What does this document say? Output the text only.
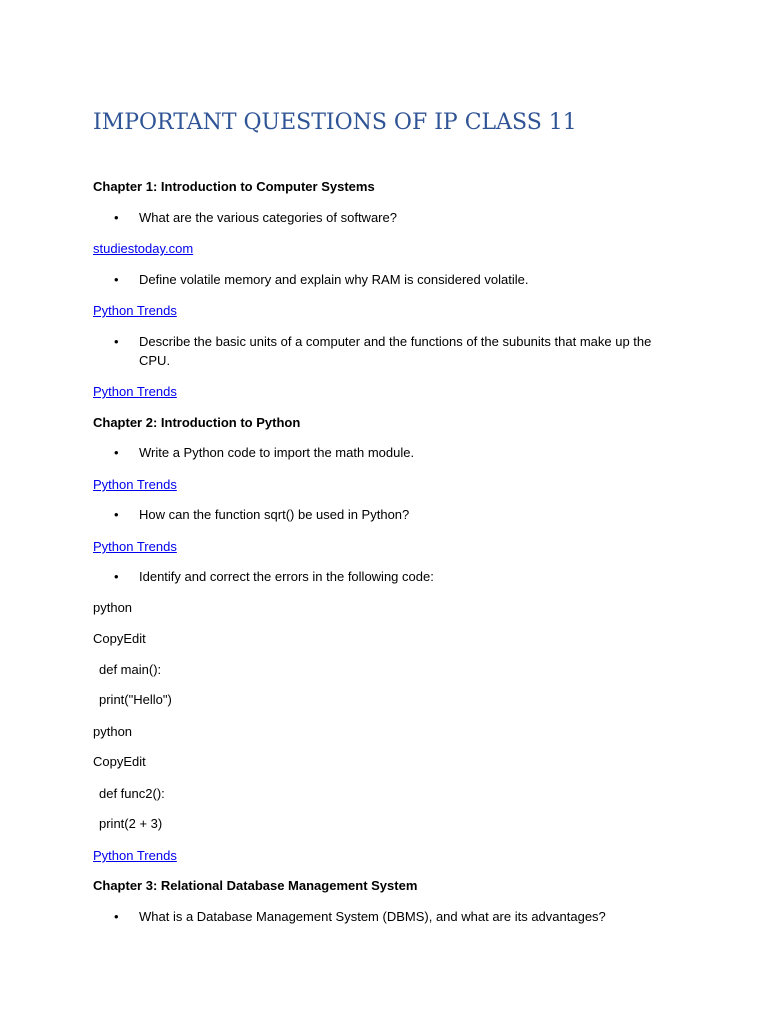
IMPORTANT QUESTIONS OF IP CLASS 11
Chapter 1: Introduction to Computer Systems
•	What are the various categories of software?
studiestoday.com
•	Define volatile memory and explain why RAM is considered volatile.
Python Trends
•	Describe the basic units of a computer and the functions of the subunits that make up the CPU.
Python Trends
Chapter 2: Introduction to Python
•	Write a Python code to import the math module.
Python Trends
•	How can the function sqrt() be used in Python?
Python Trends
•	Identify and correct the errors in the following code:
python
CopyEdit
def main():
print("Hello")
python
CopyEdit
def func2():
print(2 + 3)
Python Trends
Chapter 3: Relational Database Management System
•	What is a Database Management System (DBMS), and what are its advantages?
